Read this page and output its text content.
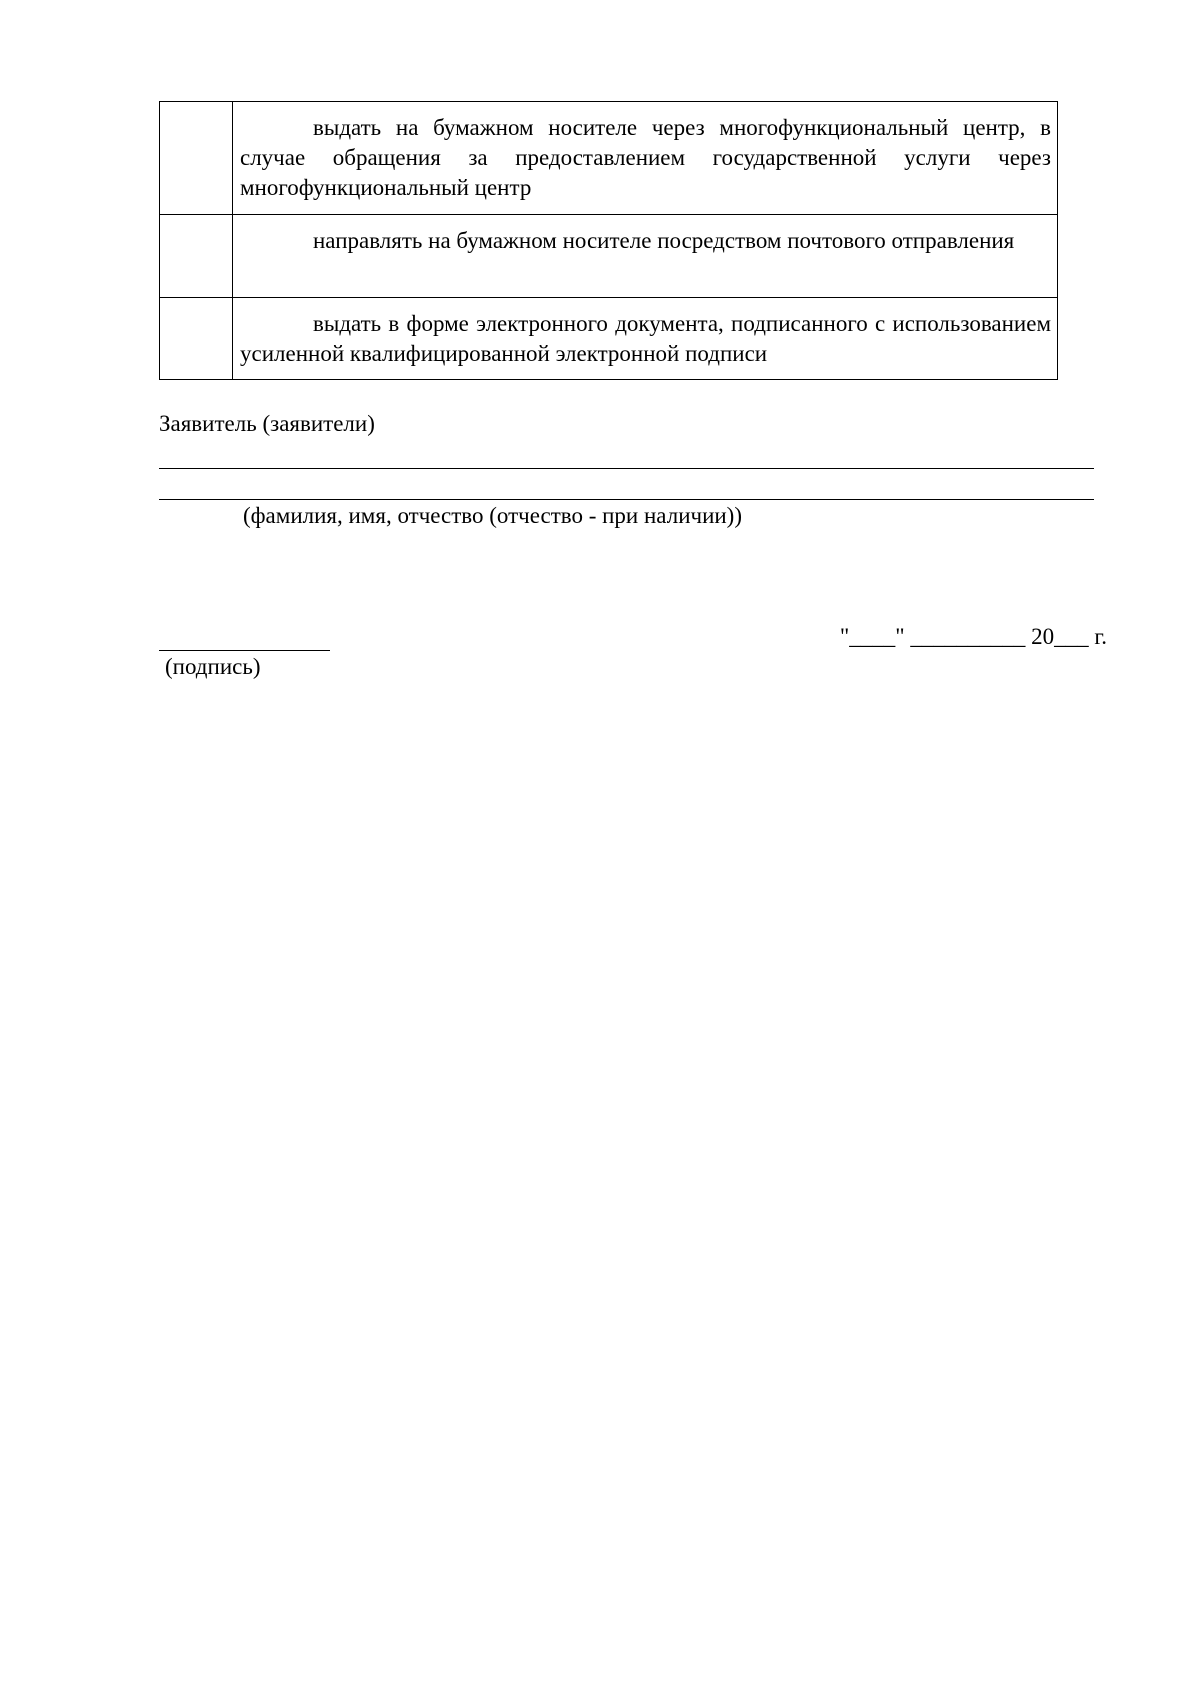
	выдать на бумажном носителе через многофункциональный центр, в случае обращения за предоставлением государственной услуги через многофункциональный центр
	направлять на бумажном носителе посредством почтового отправления
	выдать в форме электронного документа, подписанного с использованием усиленной квалифицированной электронной подписи
Заявитель (заявители)
(фамилия, имя, отчество (отчество - при наличии))
(подпись)
"____" __________ 20___ г.
